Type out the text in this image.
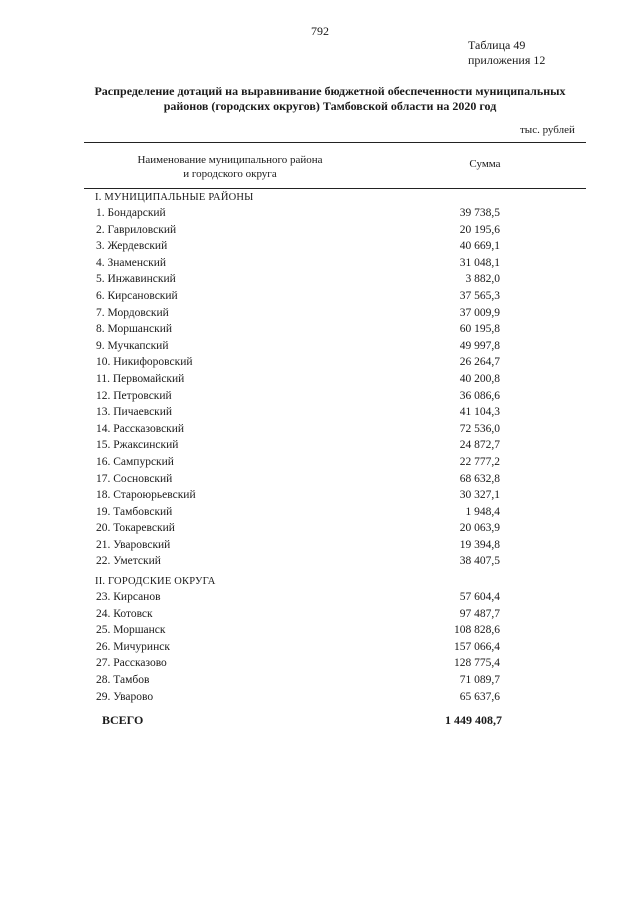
792
Таблица 49
приложения 12
Распределение дотаций на выравнивание бюджетной обеспеченности муниципальных
районов (городских округов) Тамбовской области на 2020 год
тыс. рублей
Наименование муниципального района
и городского округа
Сумма
I. МУНИЦИПАЛЬНЫЕ РАЙОНЫ
1. Бондарский	39 738,5
2. Гавриловский	20 195,6
3. Жердевский	40 669,1
4. Знаменский	31 048,1
5. Инжавинский	3 882,0
6. Кирсановский	37 565,3
7. Мордовский	37 009,9
8. Моршанский	60 195,8
9. Мучкапский	49 997,8
10. Никифоровский	26 264,7
11. Первомайский	40 200,8
12. Петровский	36 086,6
13. Пичаевский	41 104,3
14. Рассказовский	72 536,0
15. Ржаксинский	24 872,7
16. Сампурский	22 777,2
17. Сосновский	68 632,8
18. Староюрьевский	30 327,1
19. Тамбовский	1 948,4
20. Токаревский	20 063,9
21. Уваровский	19 394,8
22. Уметский	38 407,5
II. ГОРОДСКИЕ ОКРУГА
23. Кирсанов	57 604,4
24. Котовск	97 487,7
25. Моршанск	108 828,6
26. Мичуринск	157 066,4
27. Рассказово	128 775,4
28. Тамбов	71 089,7
29. Уварово	65 637,6
ВСЕГО	1 449 408,7
